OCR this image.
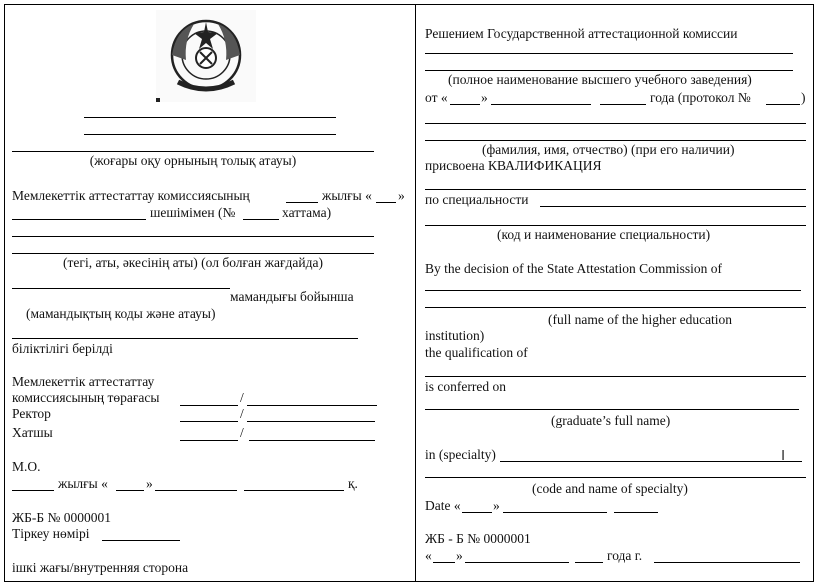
(жоғары оқу орнының толық атауы)
Мемлекеттік аттестаттау комиссиясының	жылғы « »
шешімімен (№	хаттама)
(тегі, аты, әкесінің аты) (ол болған жағдайда)
мамандығы бойынша
(мамандықтың коды және атауы)
біліктілігі берілді
Мемлекеттік аттестаттау
комиссиясының төрағасы	/
Ректор	/
Хатшы	/
М.О.
жылғы «	»	қ.
ЖБ-Б № 0000001
Тіркеу нөмірі
ішкі жағы/внутренняя сторона
Решением Государственной аттестационной комиссии
(полное наименование высшего учебного заведения)
от « »	года (протокол №	)
(фамилия, имя, отчество) (при его наличии)
присвоена КВАЛИФИКАЦИЯ
по специальности
(код и наименование специальности)
By the decision of the State Attestation Commission of
(full name of the higher education
institution)
the qualification of
is conferred on
(graduate’s full name)
in (specialty)	Ⅰ
(code and name of specialty)
Date « »
ЖБ - Б № 0000001
« »	года г.
